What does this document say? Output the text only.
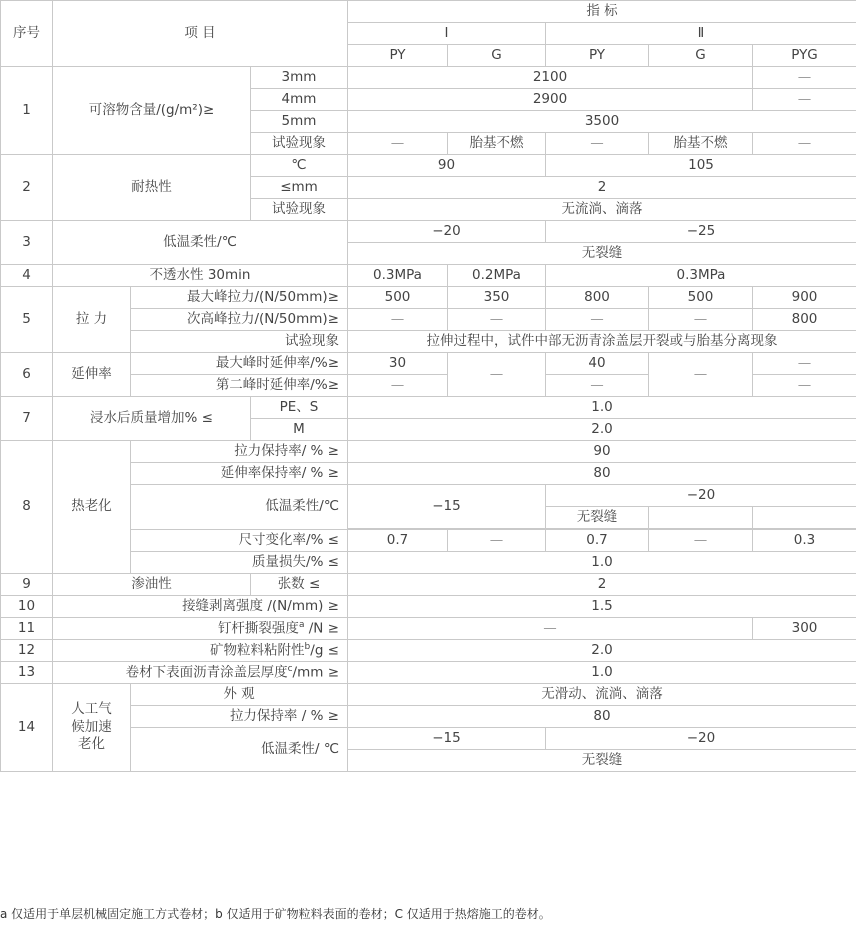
序号	项 目			指 标				
				Ⅰ		Ⅱ		
				PY	G	PY	G	PYG
1	可溶物含量/(g/m²)≥		3mm	2100				—
			4mm	2900				—
			5mm	3500				
			试验现象	—	胎基不燃	—	胎基不燃	—
2	耐热性		℃	90		105		
			≤mm	2				
			试验现象	无流淌、滴落				
3	低温柔性/℃			−20		−25		
				无裂缝				
4	不透水性 30min			0.3MPa	0.2MPa	0.3MPa		
5	拉 力	最大峰拉力/(N/50mm)≥		500	350	800	500	900
		次高峰拉力/(N/50mm)≥		—	—	—	—	800
		试验现象		拉伸过程中，试件中部无沥青涂盖层开裂或与胎基分离现象				
6	延伸率	最大峰时延伸率/%≥		30	—	40	—	—
		第二峰时延伸率/%≥		—		—		—
7	浸水后质量增加% ≤		PE、S	1.0				
			M	2.0				
8	热老化	拉力保持率/ % ≥		90				
		延伸率保持率/ % ≥		80				
		低温柔性/℃		−15		−20		
						无裂缝		

		尺寸变化率/% ≤		0.7	—	0.7	—	0.3
		质量损失/% ≤		1.0				
9	渗油性		张数 ≤	2				
10	接缝剥离强度 /(N/mm) ≥			1.5				
11	钉杆撕裂强度$^a$ /N ≥			—				300
12	矿物粒料粘附性$^b$/g ≤			2.0				
13	卷材下表面沥青涂盖层厚度$^c$/mm ≥			1.0				
14	人工气
候加速
老化	外 观		无滑动、流淌、滴落				
		拉力保持率 / % ≥		80				
		低温柔性/ ℃		−15		−20		
				无裂缝				
a 仅适用于单层机械固定施工方式卷材；b 仅适用于矿物粒料表面的卷材；C 仅适用于热熔施工的卷材。
